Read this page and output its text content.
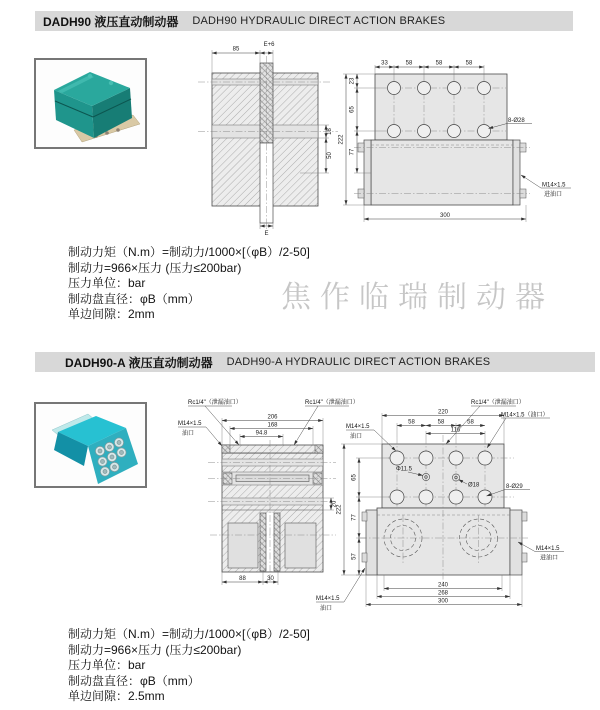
DADH90 液压直动制动器 DADH90 HYDRAULIC DIRECT ACTION BRAKES
85
E+6
18
50
E
33	58	58	58
23
65
77
222
300
8-Ø28
M14×1.5
进油口
制动力矩（N.m）=制动力/1000×[（φB）/2-50]
制动力=966×压力 (压力≤200bar)
压力单位：bar
制动盘直径：φB（mm）
单边间隙：2mm	焦作临瑞制动器
DADH90-A 液压直动制动器 DADH90-A HYDRAULIC DIRECT ACTION BRAKES
206
168
94.8
20
88	30
Rc1/4"（泄漏油口）	Rc1/4"（泄漏油口）
M14×1.5
油口
220
58	58	58
116
65
77
57
222
240
268
300
Rc1/4"（泄漏油口）
M14×1.5（油口）
M14×1.5
油口
Φ11.5
Ø18	8-Ø29
M14×1.5
进油口
M14×1.5
油口
制动力矩（N.m）=制动力/1000×[（φB）/2-50]
制动力=966×压力 (压力≤200bar)
压力单位：bar
制动盘直径：φB（mm）
单边间隙：2.5mm
